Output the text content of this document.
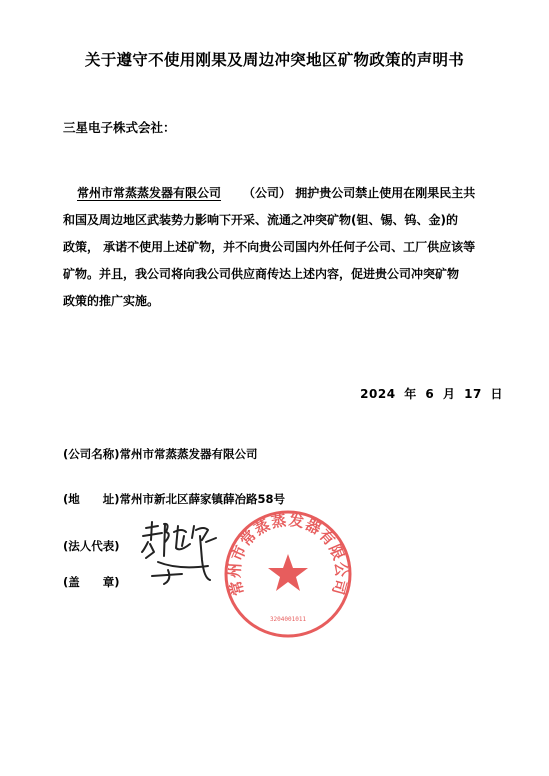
关于遵守不使用刚果及周边冲突地区矿物政策的声明书
三星电子株式会社：
常州市常蒸蒸发器有限公司 （公司） 拥护贵公司禁止使用在刚果民主共
和国及周边地区武装势力影响下开采、流通之冲突矿物(钽、锡、钨、金)的
政策， 承诺不使用上述矿物，并不向贵公司国内外任何子公司、工厂供应该等
矿物。并且，我公司将向我公司供应商传达上述内容，促进贵公司冲突矿物
政策的推广实施。
2024 年 6 月 17 日
(公司名称)常州市常蒸蒸发器有限公司
(地　　址)常州市新北区薛家镇薛冶路58号
(法人代表)
(盖　　章)	常州市常蒸蒸发器有限公司
3204001011
